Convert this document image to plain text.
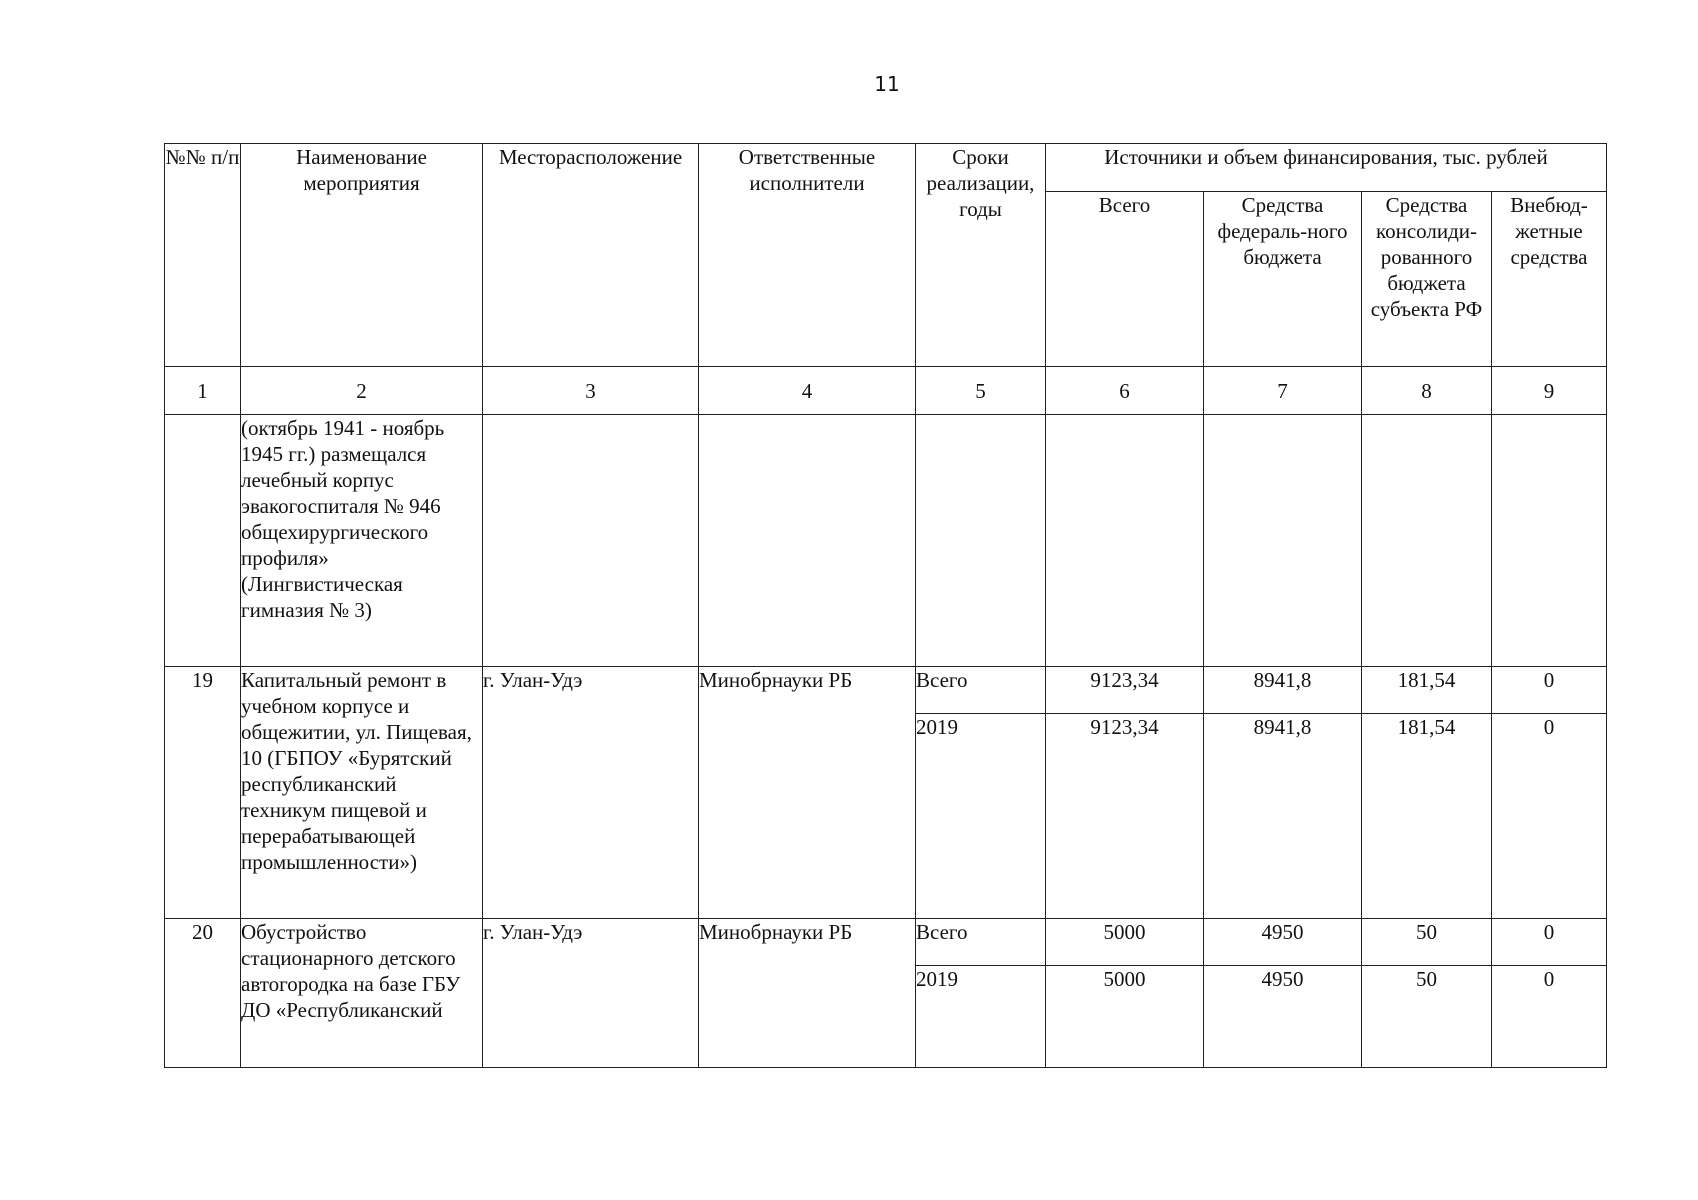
11
№№ п/п	Наименование мероприятия	Месторасположение	Ответственные исполнители	Сроки реализации, годы	Источники и объем финансирования, тыс. рублей			
					Всего	Средства федераль-ного бюджета	Средства консолиди-рованного бюджета субъекта РФ	Внебюд-жетные средства
1	2	3	4	5	6	7	8	9
	(октябрь 1941 - ноябрь 1945 гг.) размещался лечебный корпус эвакогоспиталя № 946 общехирургического профиля» (Лингвистическая гимназия № 3)							
19	Капитальный ремонт в учебном корпусе и общежитии, ул. Пищевая, 10 (ГБПОУ «Бурятский республиканский техникум пищевой и перерабатывающей промышленности»)	г. Улан-Удэ	Минобрнауки РБ	Всего	9123,34	8941,8	181,54	0
				2019	9123,34	8941,8	181,54	0
20	Обустройство стационарного детского автогородка на базе ГБУ ДО «Республиканский	г. Улан-Удэ	Минобрнауки РБ	Всего	5000	4950	50	0
				2019	5000	4950	50	0
